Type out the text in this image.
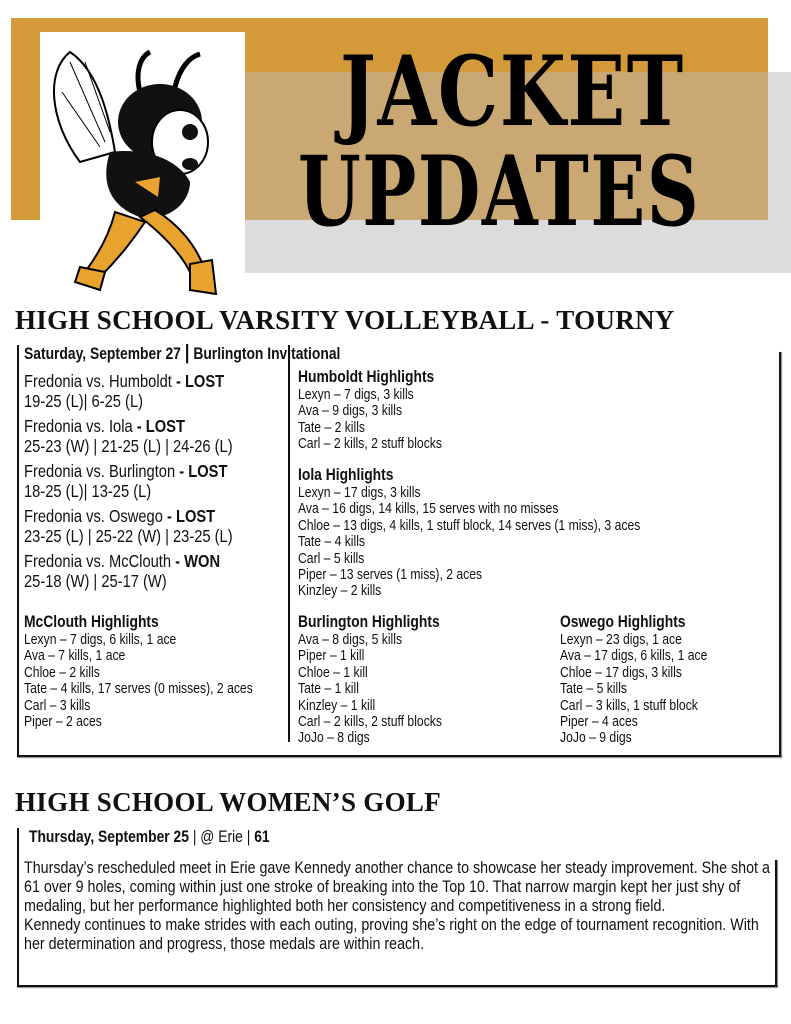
JACKET
UPDATES
HIGH SCHOOL VARSITY VOLLEYBALL - TOURNY
Saturday, September 27 | Burlington Invitational
Fredonia vs. Humboldt - LOST
19-25 (L)| 6-25 (L)
Fredonia vs. Iola - LOST
25-23 (W) | 21-25 (L) | 24-26 (L)
Fredonia vs. Burlington - LOST
18-25 (L)| 13-25 (L)
Fredonia vs. Oswego - LOST
23-25 (L) | 25-22 (W) | 23-25 (L)
Fredonia vs. McClouth - WON
25-18 (W) | 25-17 (W)
Humboldt Highlights
Lexyn – 7 digs, 3 kills
Ava – 9 digs, 3 kills
Tate – 2 kills
Carl – 2 kills, 2 stuff blocks
Iola Highlights
Lexyn – 17 digs, 3 kills
Ava – 16 digs, 14 kills, 15 serves with no misses
Chloe – 13 digs, 4 kills, 1 stuff block, 14 serves (1 miss), 3 aces
Tate – 4 kills
Carl – 5 kills
Piper – 13 serves (1 miss), 2 aces
Kinzley – 2 kills
McClouth Highlights
Lexyn – 7 digs, 6 kills, 1 ace
Ava – 7 kills, 1 ace
Chloe – 2 kills
Tate – 4 kills, 17 serves (0 misses), 2 aces
Carl – 3 kills
Piper – 2 aces
Burlington Highlights
Ava – 8 digs, 5 kills
Piper – 1 kill
Chloe – 1 kill
Tate – 1 kill
Kinzley – 1 kill
Carl – 2 kills, 2 stuff blocks
JoJo – 8 digs
Oswego Highlights
Lexyn – 23 digs, 1 ace
Ava – 17 digs, 6 kills, 1 ace
Chloe – 17 digs, 3 kills
Tate – 5 kills
Carl – 3 kills, 1 stuff block
Piper – 4 aces
JoJo – 9 digs
HIGH SCHOOL WOMEN’S GOLF
Thursday, September 25 | @ Erie | 61
Thursday’s rescheduled meet in Erie gave Kennedy another chance to showcase her steady improvement. She shot a 61 over 9 holes, coming within just one stroke of breaking into the Top 10. That narrow margin kept her just shy of medaling, but her performance highlighted both her consistency and competitiveness in a strong field.
Kennedy continues to make strides with each outing, proving she’s right on the edge of tournament recognition. With her determination and progress, those medals are within reach.
